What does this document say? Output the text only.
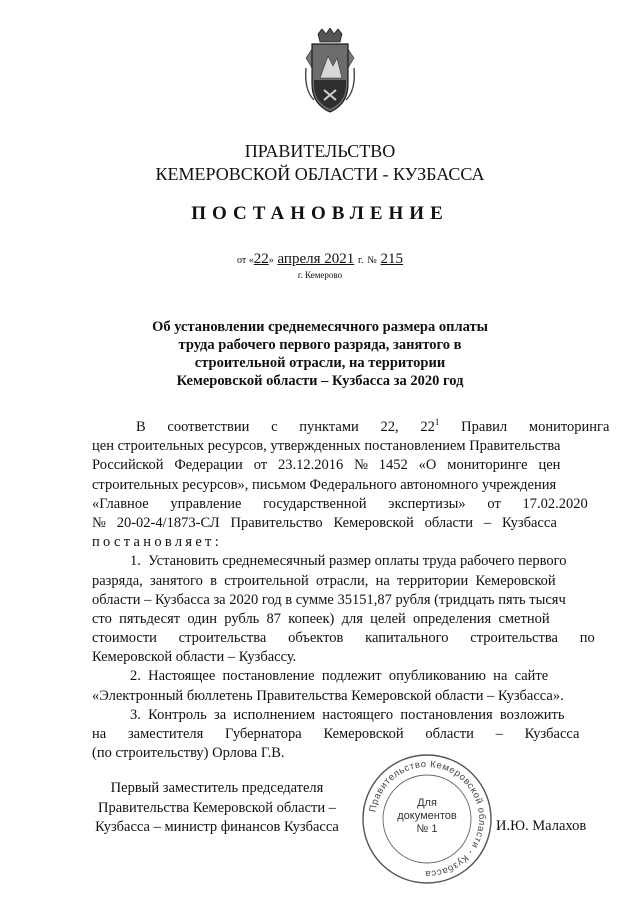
ПРАВИТЕЛЬСТВО
КЕМЕРОВСКОЙ ОБЛАСТИ - КУЗБАССА
ПОСТАНОВЛЕНИЕ
от «22» апреля 2021 г. № 215
г. Кемерово
Об установлении среднемесячного размера оплаты
труда рабочего первого разряда, занятого в
строительной отрасли, на территории
Кемеровской области – Кузбасса за 2020 год
В      соответствии      с      пунктами      22,      $22^1$ Правил      мониторинга
цен строительных ресурсов, утвержденных постановлением Правительства
Российской   Федерации   от   23.12.2016   №   1452   «О   мониторинге   цен
строительных ресурсов», письмом Федерального автономного учреждения
«Главное      управление      государственной      экспертизы»      от      17.02.2020
№   20-02-4/1873-СЛ   Правительство   Кемеровской   области   –   Кузбасса
постановляет:
1.  Установить среднемесячный размер оплаты труда рабочего первого
разряда,  занятого  в  строительной  отрасли,  на  территории  Кемеровской
области – Кузбасса за 2020 год в сумме 35151,87 рубля (тридцать пять тысяч
сто  пятьдесят  один  рубль  87  копеек)  для  целей  определения  сметной
стоимости      строительства      объектов      капитального      строительства      по
Кемеровской области – Кузбассу.
2.  Настоящее  постановление  подлежит  опубликованию  на  сайте
«Электронный бюллетень Правительства Кемеровской области – Кузбасса».
3.  Контроль  за  исполнением  настоящего  постановления  возложить
на      заместителя      Губернатора      Кемеровской      области      –      Кузбасса
(по строительству) Орлова Г.В.
Первый заместитель председателя
Правительства Кемеровской области –
Кузбасса – министр финансов Кузбасса
Правительство Кемеровской области - Кузбасса
Для
документов
№ 1	И.Ю. Малахов
